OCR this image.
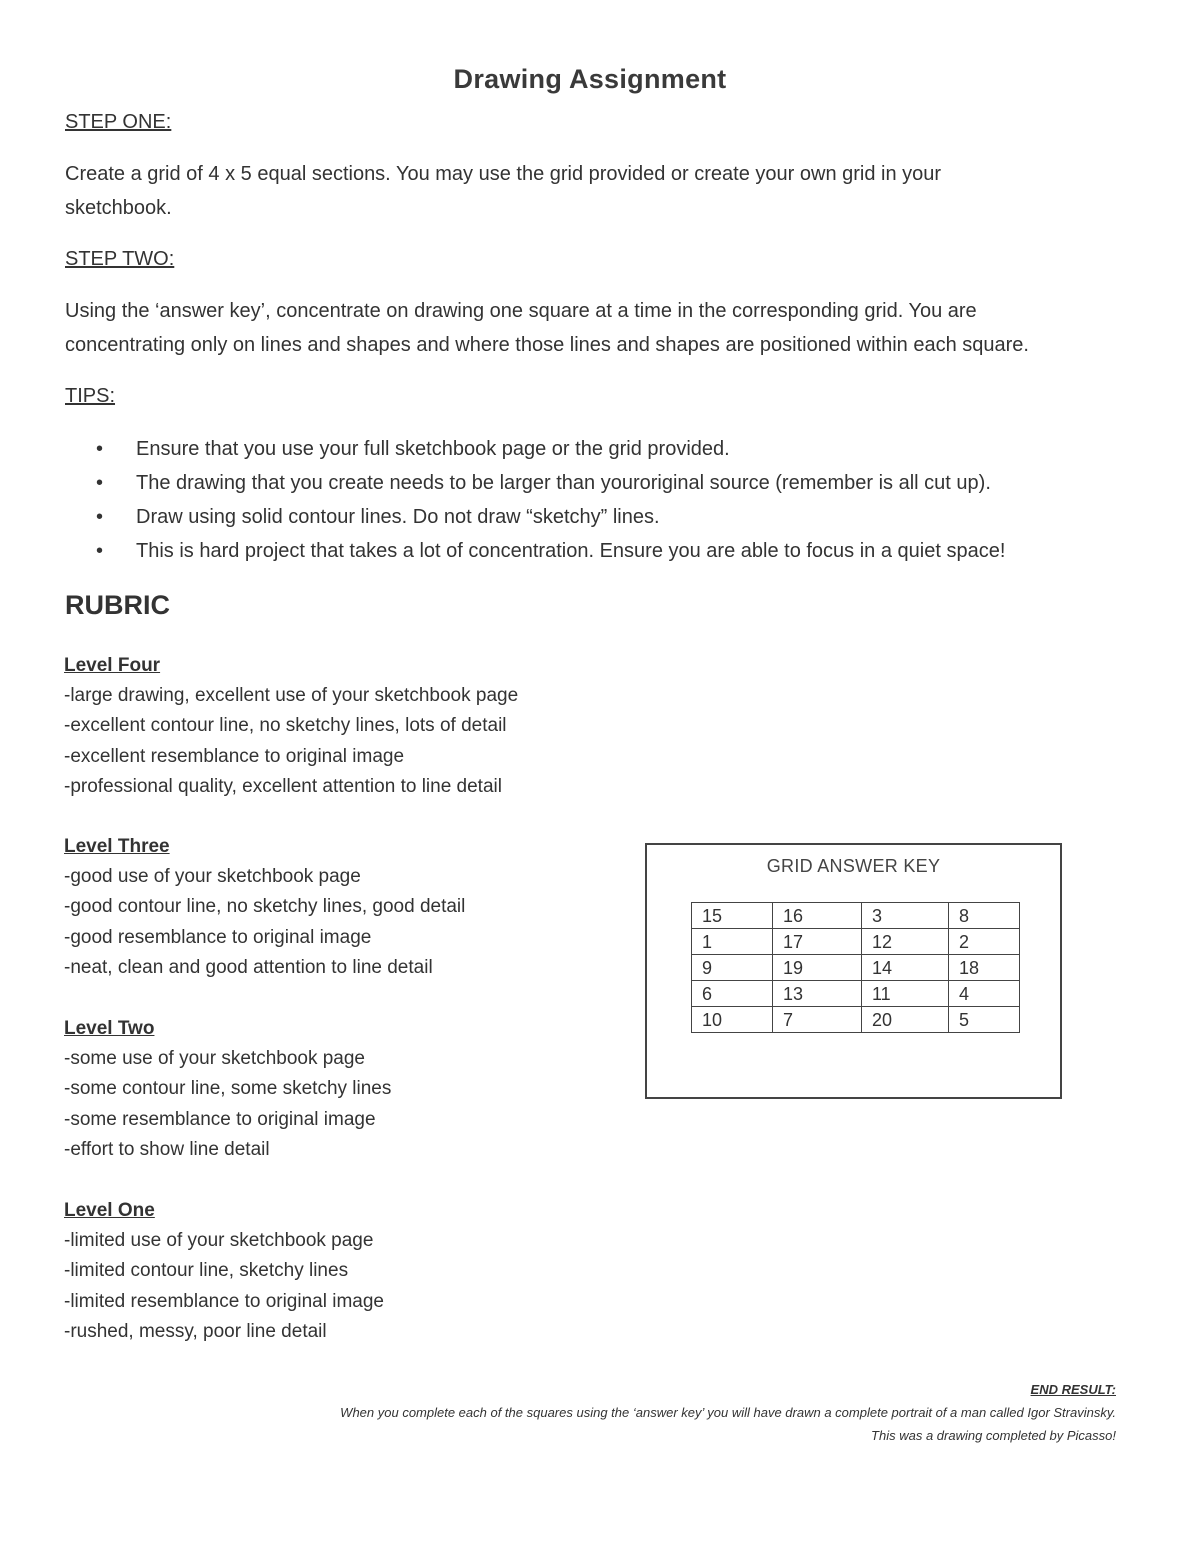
Drawing Assignment
STEP ONE:
Create a grid of 4 x 5 equal sections. You may use the grid provided or create your own grid in your
sketchbook.
STEP TWO:
Using the ‘answer key’, concentrate on drawing one square at a time in the corresponding grid. You are
concentrating only on lines and shapes and where those lines and shapes are positioned within each square.
TIPS:
• Ensure that you use your full sketchbook page or the grid provided.
• The drawing that you create needs to be larger than youroriginal source (remember is all cut up).
• Draw using solid contour lines. Do not draw “sketchy” lines.
• This is hard project that takes a lot of concentration. Ensure you are able to focus in a quiet space!
RUBRIC
Level Four
-large drawing, excellent use of your sketchbook page
-excellent contour line, no sketchy lines, lots of detail
-excellent resemblance to original image
-professional quality, excellent attention to line detail
Level Three
-good use of your sketchbook page
-good contour line, no sketchy lines, good detail
-good resemblance to original image
-neat, clean and good attention to line detail
Level Two
-some use of your sketchbook page
-some contour line, some sketchy lines
-some resemblance to original image
-effort to show line detail
Level One
-limited use of your sketchbook page
-limited contour line, sketchy lines
-limited resemblance to original image
-rushed, messy, poor line detail
GRID ANSWER KEY
15	16	3	8
1	17	12	2
9	19	14	18
6	13	11	4
10	7	20	5
END RESULT:
When you complete each of the squares using the ‘answer key’ you will have drawn a complete portrait of a man called Igor Stravinsky.
This was a drawing completed by Picasso!
